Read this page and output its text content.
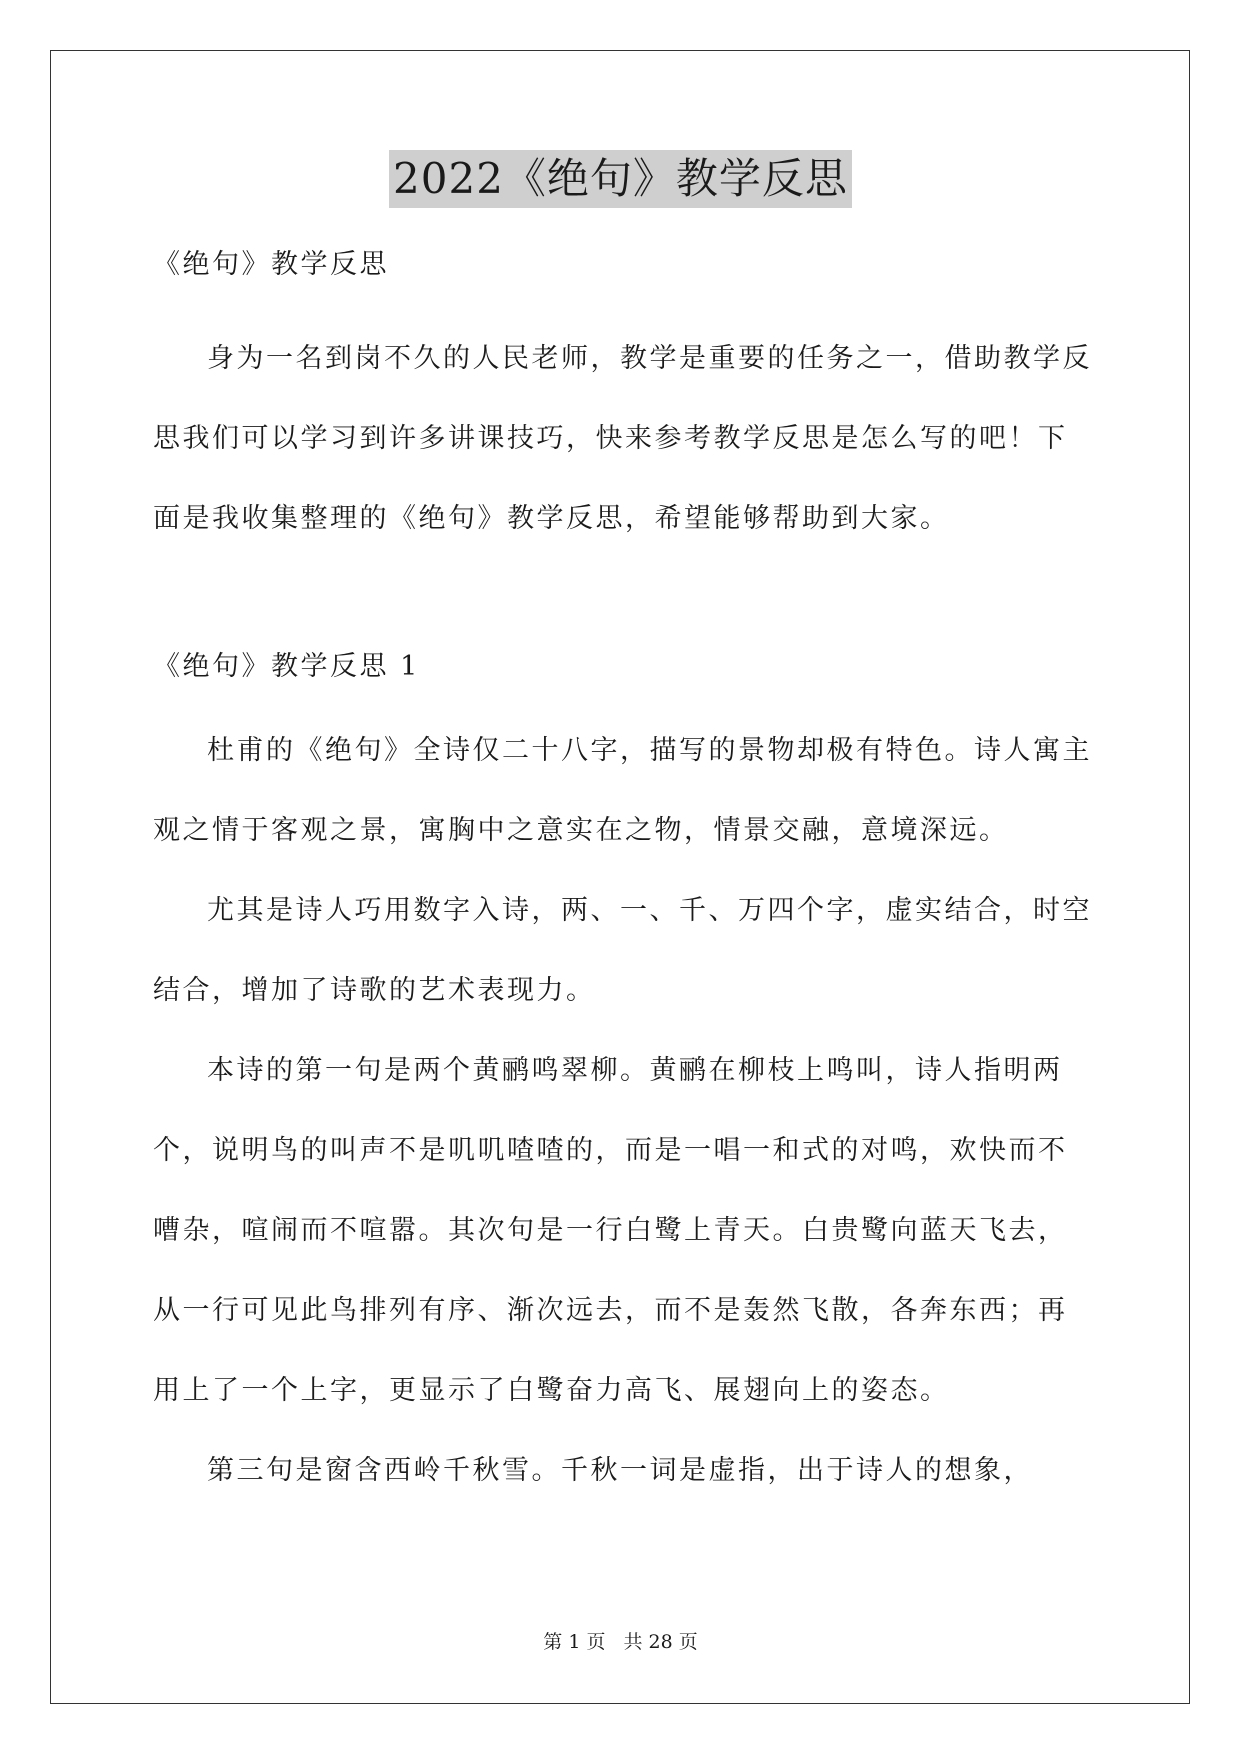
2022《绝句》教学反思

《绝句》教学反思

身为一名到岗不久的人民老师，教学是重要的任务之一，借助教学反思我们可以学习到许多讲课技巧，快来参考教学反思是怎么写的吧！下面是我收集整理的《绝句》教学反思，希望能够帮助到大家。

《绝句》教学反思 1

杜甫的《绝句》全诗仅二十八字，描写的景物却极有特色。诗人寓主观之情于客观之景，寓胸中之意实在之物，情景交融，意境深远。

尤其是诗人巧用数字入诗，两、一、千、万四个字，虚实结合，时空结合，增加了诗歌的艺术表现力。

本诗的第一句是两个黄鹂鸣翠柳。黄鹂在柳枝上鸣叫，诗人指明两个，说明鸟的叫声不是叽叽喳喳的，而是一唱一和式的对鸣，欢快而不嘈杂，喧闹而不喧嚣。其次句是一行白鹭上青天。白贵鹭向蓝天飞去，从一行可见此鸟排列有序、渐次远去，而不是轰然飞散，各奔东西；再用上了一个上字，更显示了白鹭奋力高飞、展翅向上的姿态。

第三句是窗含西岭千秋雪。千秋一词是虚指，出于诗人的想象，

第 1 页 共 28 页
